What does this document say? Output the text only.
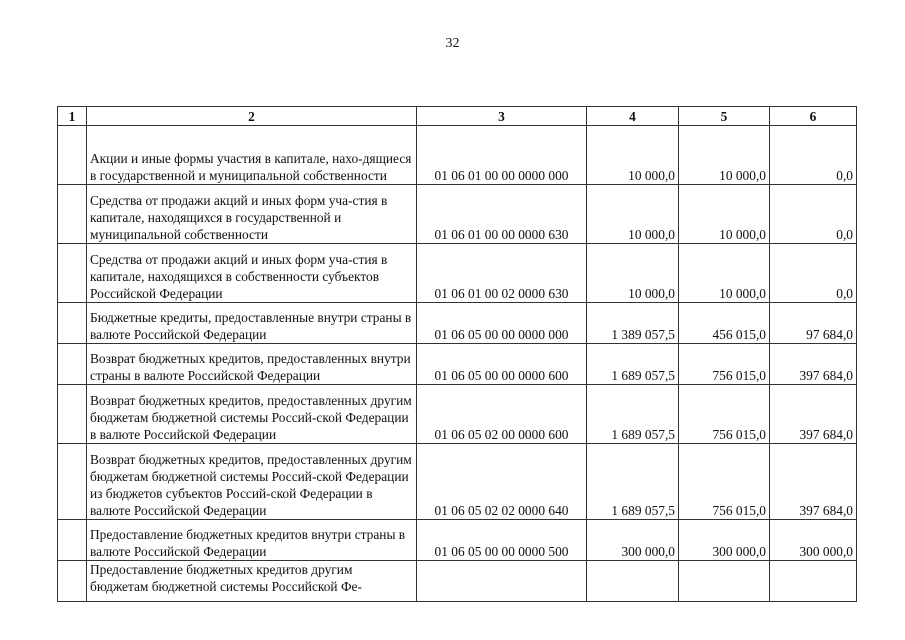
32
1	2	3	4	5	6
	Акции и иные формы участия в капитале, нахо-дящиеся в государственной и муниципальной собственности	01 06 01 00 00 0000 000	10 000,0	10 000,0	0,0
	Средства от продажи акций и иных форм уча-стия в капитале, находящихся в государственной и муниципальной собственности	01 06 01 00 00 0000 630	10 000,0	10 000,0	0,0
	Средства от продажи акций и иных форм уча-стия в капитале, находящихся в собственности субъектов Российской Федерации	01 06 01 00 02 0000 630	10 000,0	10 000,0	0,0
	Бюджетные кредиты, предоставленные внутри страны в валюте Российской Федерации	01 06 05 00 00 0000 000	1 389 057,5	456 015,0	97 684,0
	Возврат бюджетных кредитов, предоставленных внутри страны в валюте Российской Федерации	01 06 05 00 00 0000 600	1 689 057,5	756 015,0	397 684,0
	Возврат бюджетных кредитов, предоставленных другим бюджетам бюджетной системы Россий-ской Федерации в валюте Российской Федерации	01 06 05 02 00 0000 600	1 689 057,5	756 015,0	397 684,0
	Возврат бюджетных кредитов, предоставленных другим бюджетам бюджетной системы Россий-ской Федерации из бюджетов субъектов Россий-ской Федерации в валюте Российской Федерации	01 06 05 02 02 0000 640	1 689 057,5	756 015,0	397 684,0
	Предоставление бюджетных кредитов внутри страны в валюте Российской Федерации	01 06 05 00 00 0000 500	300 000,0	300 000,0	300 000,0
	Предоставление бюджетных кредитов другим бюджетам бюджетной системы Российской Фе-				
